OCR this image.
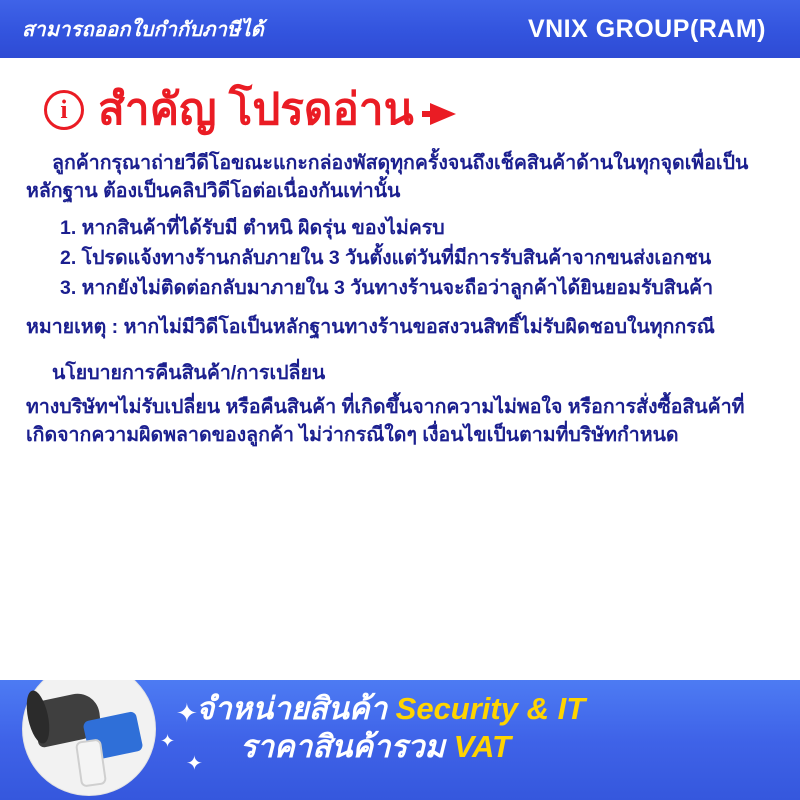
สามารถออกใบกำกับภาษีได้	VNIX GROUP(RAM)
i สำคัญ โปรดอ่าน

ลูกค้ากรุณาถ่ายวีดีโอขณะแกะกล่องพัสดุทุกครั้งจนถึงเช็คสินค้าด้านในทุกจุดเพื่อเป็นหลักฐาน ต้องเป็นคลิปวิดีโอต่อเนื่องกันเท่านั้น

1. หากสินค้าที่ได้รับมี ตำหนิ ผิดรุ่น ของไม่ครบ

2. โปรดแจ้งทางร้านกลับภายใน 3 วันตั้งแต่วันที่มีการรับสินค้าจากขนส่งเอกชน

3. หากยังไม่ติดต่อกลับมาภายใน 3 วันทางร้านจะถือว่าลูกค้าได้ยินยอมรับสินค้า

หมายเหตุ : หากไม่มีวิดีโอเป็นหลักฐานทางร้านขอสงวนสิทธิ์ไม่รับผิดชอบในทุกกรณี

นโยบายการคืนสินค้า/การเปลี่ยน

ทางบริษัทฯไม่รับเปลี่ยน หรือคืนสินค้า ที่เกิดขึ้นจากความไม่พอใจ หรือการสั่งซื้อสินค้าที่เกิดจากความผิดพลาดของลูกค้า ไม่ว่ากรณีใดๆ เงื่อนไขเป็นตามที่บริษัทกำหนด

✦
✦
✦
จำหน่ายสินค้า Security & IT
ราคาสินค้ารวม VAT
